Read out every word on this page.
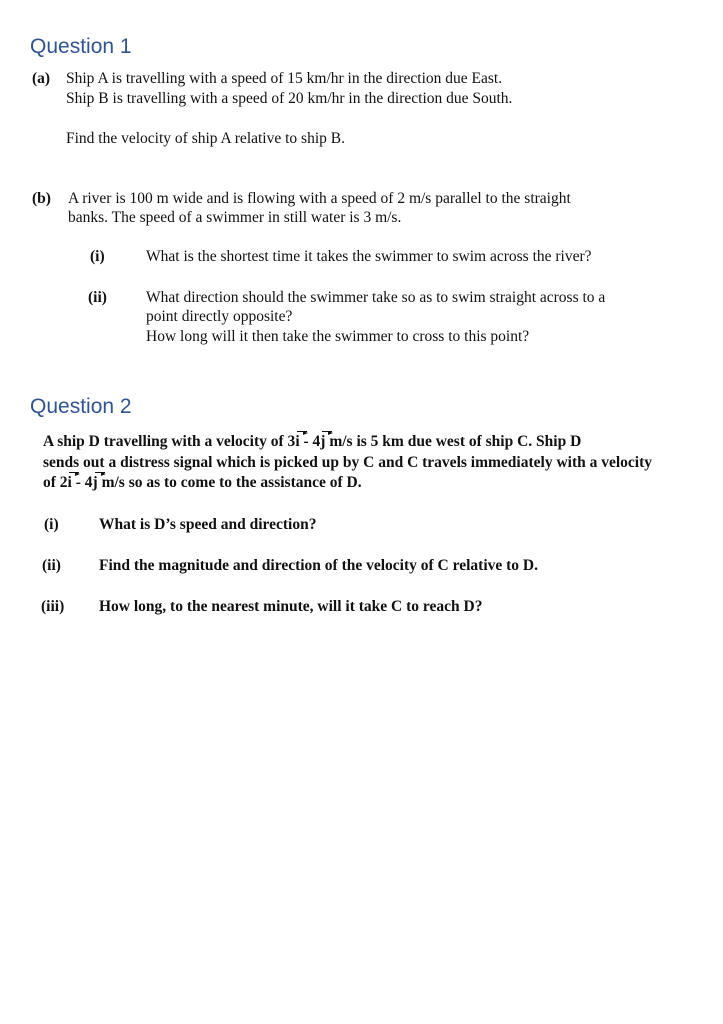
Question 1

(a) Ship A is travelling with a speed of 15 km/hr in the direction due East.

Ship B is travelling with a speed of 20 km/hr in the direction due South.

Find the velocity of ship A relative to ship B.

(b) A river is 100 m wide and is flowing with a speed of 2 m/s parallel to the straight

banks. The speed of a swimmer in still water is 3 m/s.

(i)	What is the shortest time it takes the swimmer to swim across the river?

(ii)	What direction should the swimmer take so as to swim straight across to a

point directly opposite?

How long will it then take the swimmer to cross to this point?

Question 2

A ship D travelling with a velocity of 3i - 4j m/s is 5 km due west of ship C. Ship D

sends out a distress signal which is picked up by C and C travels immediately with a velocity

of 2i - 4j m/s so as to come to the assistance of D.

(i)	What is D’s speed and direction?

(ii) Find the magnitude and direction of the velocity of C relative to D.

(iii) How long, to the nearest minute, will it take C to reach D?
